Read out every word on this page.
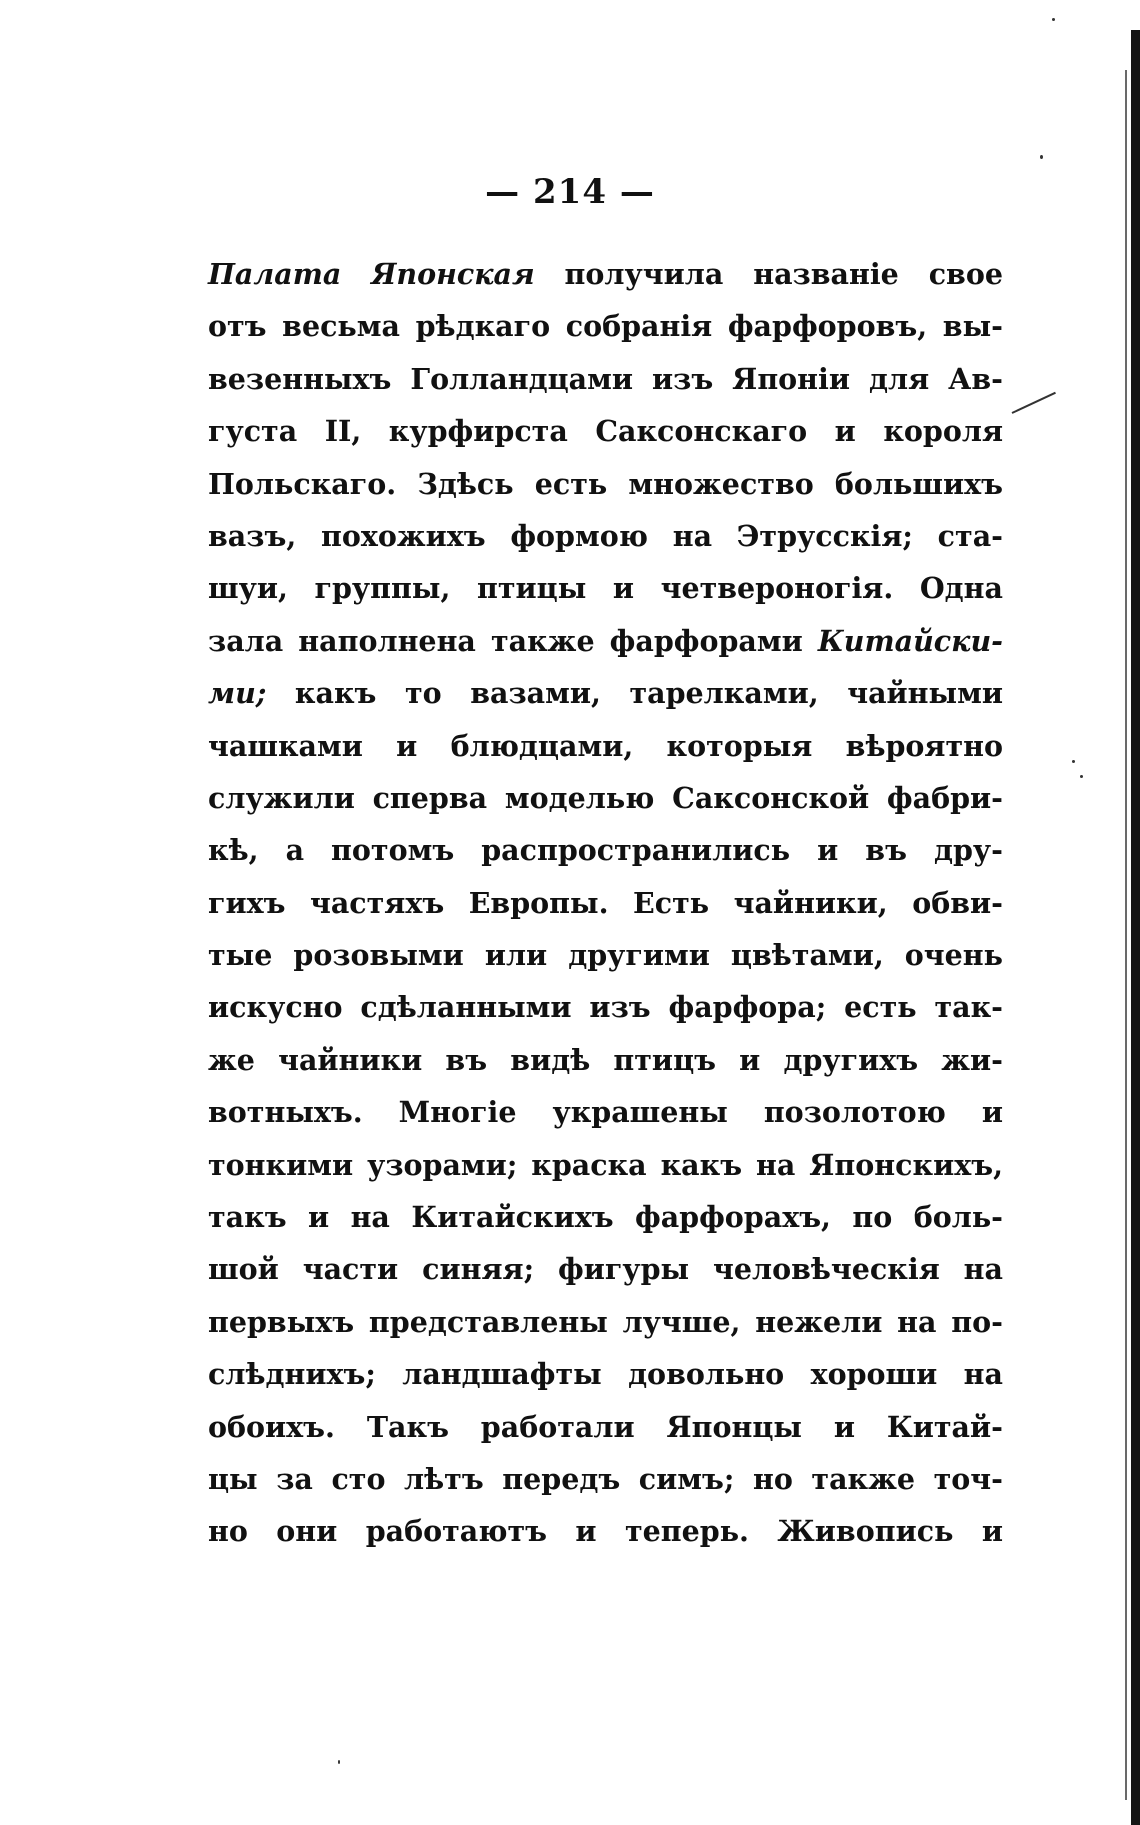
— 214 —
Палата Японская получила названіе свое
отъ весьма рѣдкаго собранія фарфоровъ, вы-
везенныхъ Голландцами изъ Японіи для Ав-
густа II, курфирста Саксонскаго и короля
Польскаго. Здѣсь есть множество большихъ
вазъ, похожихъ формою на Этрусскія; ста-
шуи, группы, птицы и четвероногія. Одна
зала наполнена также фарфорами Китайски-
ми; какъ то вазами, тарелками, чайными
чашками и блюдцами, которыя вѣроятно
служили сперва моделью Саксонской фабри-
кѣ, а потомъ распространились и въ дру-
гихъ частяхъ Европы. Есть чайники, обви-
тые розовыми или другими цвѣтами, очень
искусно сдѣланными изъ фарфора; есть так-
же чайники въ видѣ птицъ и другихъ жи-
вотныхъ. Многіе украшены позолотою и
тонкими узорами; краска какъ на Японскихъ,
такъ и на Китайскихъ фарфорахъ, по боль-
шой части синяя; фигуры человѣческія на
первыхъ представлены лучше, нежели на по-
слѣднихъ; ландшафты довольно хороши на
обоихъ. Такъ работали Японцы и Китай-
цы за сто лѣтъ передъ симъ; но также точ-
но они работаютъ и теперь. Живопись и
